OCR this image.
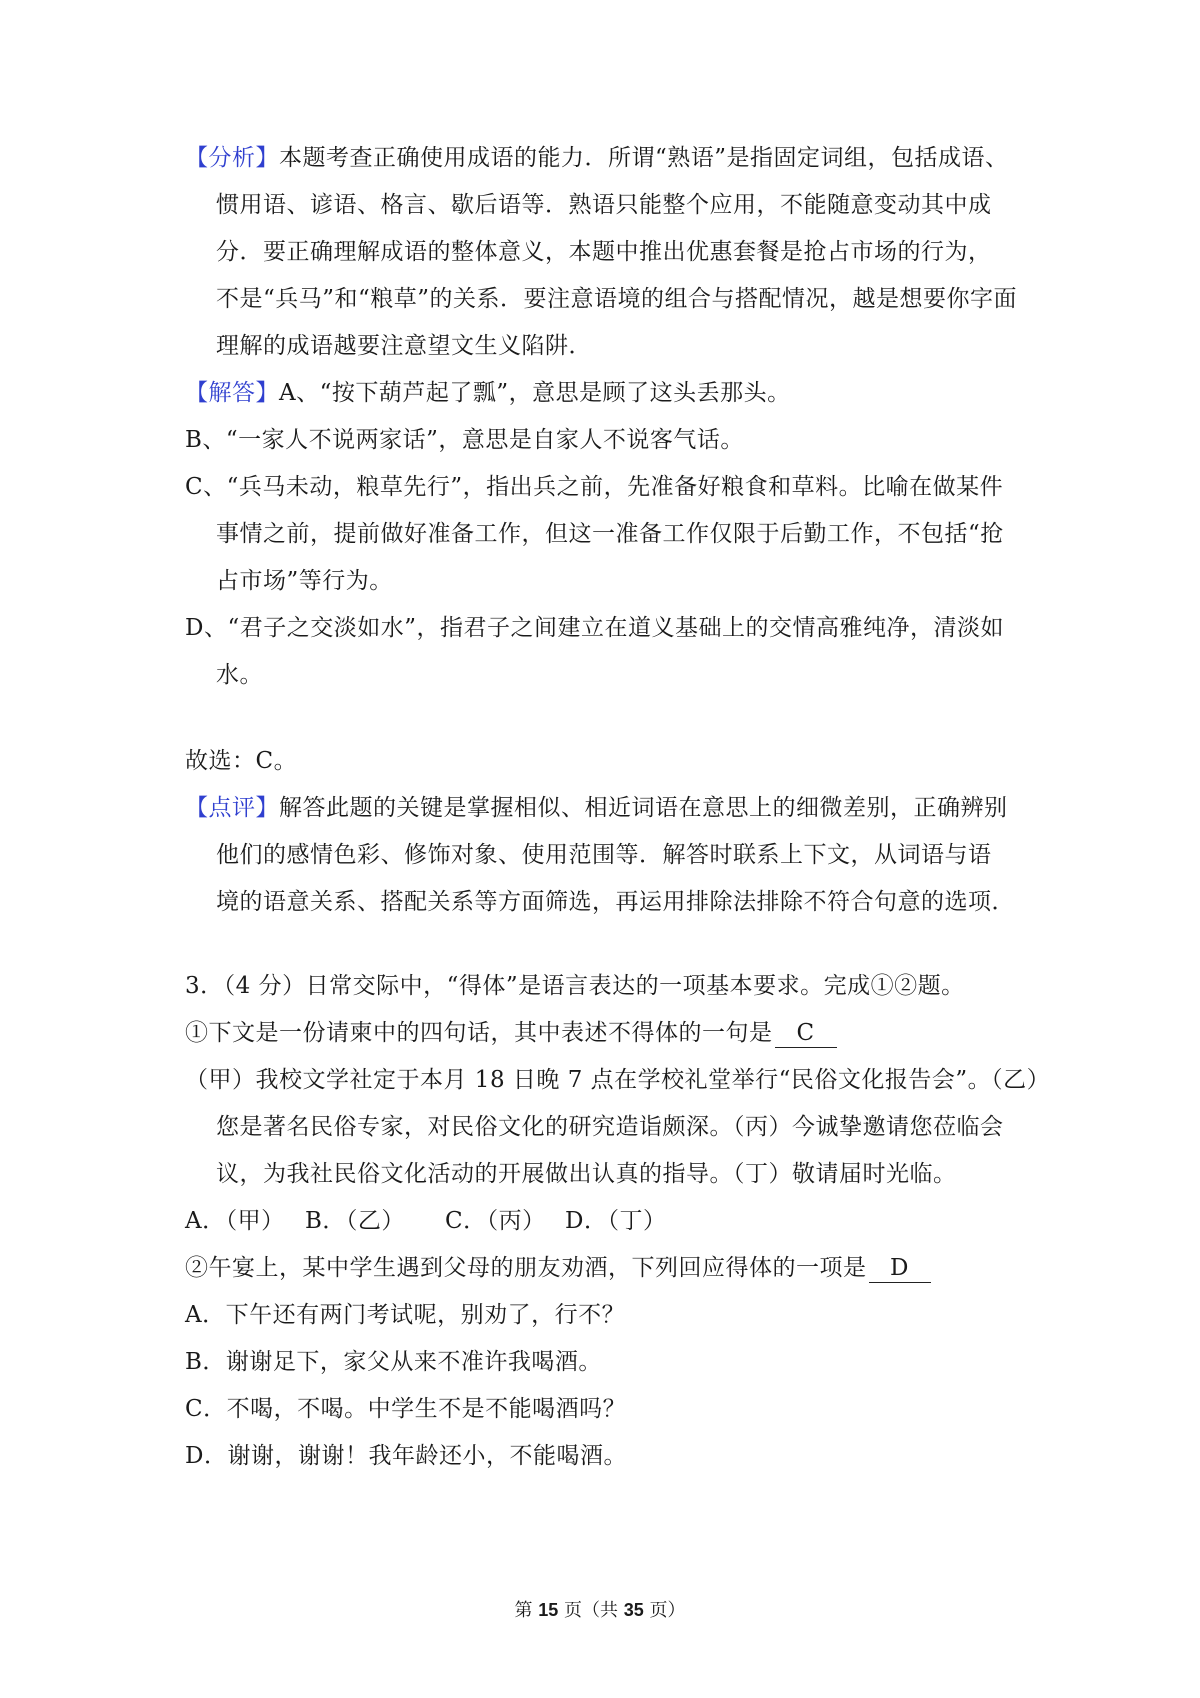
【分析】本题考查正确使用成语的能力．所谓“熟语”是指固定词组，包括成语、
惯用语、谚语、格言、歇后语等．熟语只能整个应用，不能随意变动其中成
分．要正确理解成语的整体意义，本题中推出优惠套餐是抢占市场的行为，
不是“兵马”和“粮草”的关系．要注意语境的组合与搭配情况，越是想要你字面
理解的成语越要注意望文生义陷阱．
【解答】A、“按下葫芦起了瓢”，意思是顾了这头丢那头。
B、“一家人不说两家话”，意思是自家人不说客气话。
C、“兵马未动，粮草先行”，指出兵之前，先准备好粮食和草料。比喻在做某件
事情之前，提前做好准备工作，但这一准备工作仅限于后勤工作，不包括“抢
占市场”等行为。
D、“君子之交淡如水”，指君子之间建立在道义基础上的交情高雅纯净，清淡如
水。
故选：C。
【点评】解答此题的关键是掌握相似、相近词语在意思上的细微差别，正确辨别
他们的感情色彩、修饰对象、使用范围等．解答时联系上下文，从词语与语
境的语意关系、搭配关系等方面筛选，再运用排除法排除不符合句意的选项．
3．（4 分）日常交际中，“得体”是语言表达的一项基本要求。完成①②题。
①下文是一份请柬中的四句话，其中表述不得体的一句是 C
（甲）我校文学社定于本月 18 日晚 7 点在学校礼堂举行“民俗文化报告会”。（乙）
您是著名民俗专家，对民俗文化的研究造诣颇深。（丙）今诚挚邀请您莅临会
议，为我社民俗文化活动的开展做出认真的指导。（丁）敬请届时光临。
A．（甲） B．（乙） C．（丙） D．（丁）
②午宴上，某中学生遇到父母的朋友劝酒，下列回应得体的一项是 D
A．下午还有两门考试呢，别劝了，行不？
B．谢谢足下，家父从来不准许我喝酒。
C．不喝，不喝。中学生不是不能喝酒吗？
D．谢谢，谢谢！我年龄还小，不能喝酒。
第 15 页（共 35 页）
